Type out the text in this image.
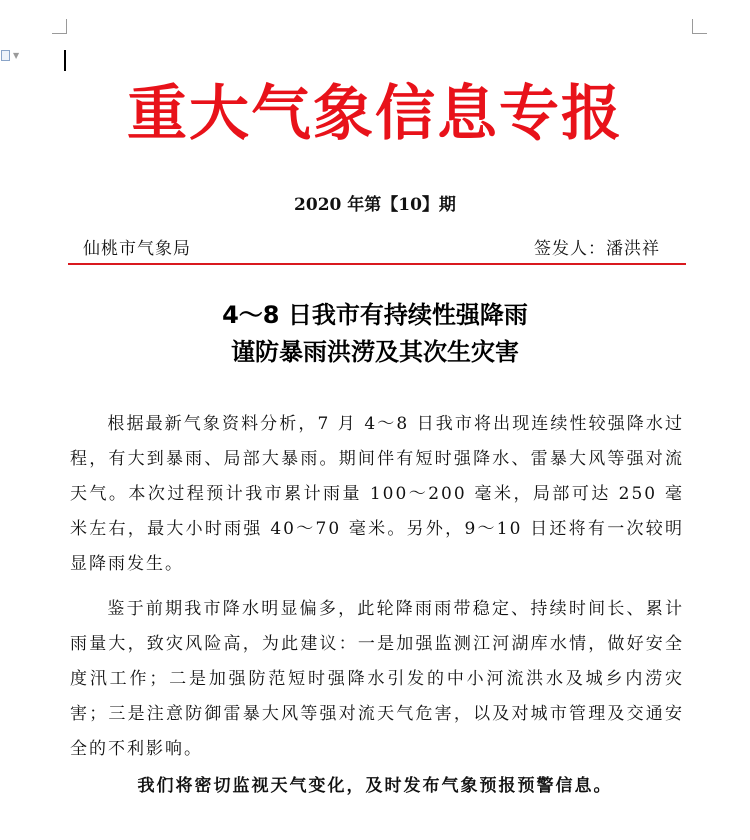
▼
重大气象信息专报
2020 年第【10】期
仙桃市气象局	签发人：潘洪祥
4～8 日我市有持续性强降雨
谨防暴雨洪涝及其次生灾害
根据最新气象资料分析，7 月 4～8 日我市将出现连续性较强降水过程，有大到暴雨、局部大暴雨。期间伴有短时强降水、雷暴大风等强对流天气。本次过程预计我市累计雨量 100～200 毫米，局部可达 250 毫米左右，最大小时雨强 40～70 毫米。另外，9～10 日还将有一次较明显降雨发生。
鉴于前期我市降水明显偏多，此轮降雨雨带稳定、持续时间长、累计雨量大，致灾风险高，为此建议：一是加强监测江河湖库水情，做好安全度汛工作；二是加强防范短时强降水引发的中小河流洪水及城乡内涝灾害；三是注意防御雷暴大风等强对流天气危害，以及对城市管理及交通安全的不利影响。
我们将密切监视天气变化，及时发布气象预报预警信息。
